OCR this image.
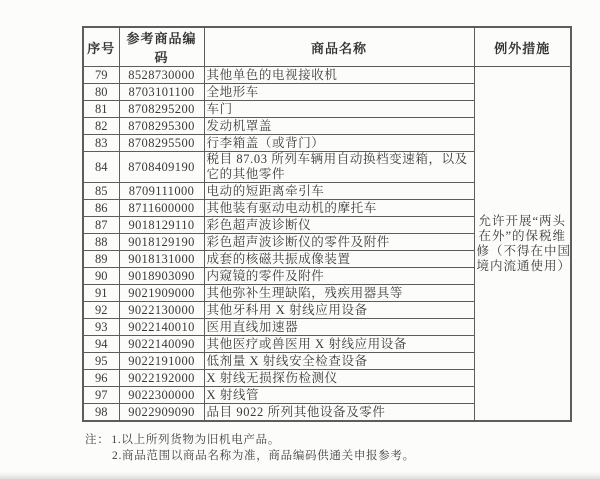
序号	参考商品编码	商品名称	例外措施
79	8528730000	其他单色的电视接收机	允许开展“两头
在外”的保税维
修（不得在中国
境内流通使用）

80	8703101100	全地形车	
81	8708295200	车门	
82	8708295300	发动机罩盖	
83	8708295500	行李箱盖（或背门）	
84	8708409190	税目 87.03 所列车辆用自动换档变速箱，以及它的其他零件	
85	8709111000	电动的短距离牵引车	
86	8711600000	其他装有驱动电动机的摩托车	
87	9018129110	彩色超声波诊断仪	
88	9018129190	彩色超声波诊断仪的零件及附件	
89	9018131000	成套的核磁共振成像装置	
90	9018903090	内窥镜的零件及附件	
91	9021909000	其他弥补生理缺陷，残疾用器具等	
92	9022130000	其他牙科用 X 射线应用设备	
93	9022140010	医用直线加速器	
94	9022140090	其他医疗或兽医用 X 射线应用设备	
95	9022191000	低剂量 X 射线安全检查设备	
96	9022192000	X 射线无损探伤检测仪	
97	9022300000	X 射线管	
98	9022909090	品目 9022 所列其他设备及零件	
注： 1.以上所列货物为旧机电产品。
2.商品范围以商品名称为准，商品编码供通关申报参考。
